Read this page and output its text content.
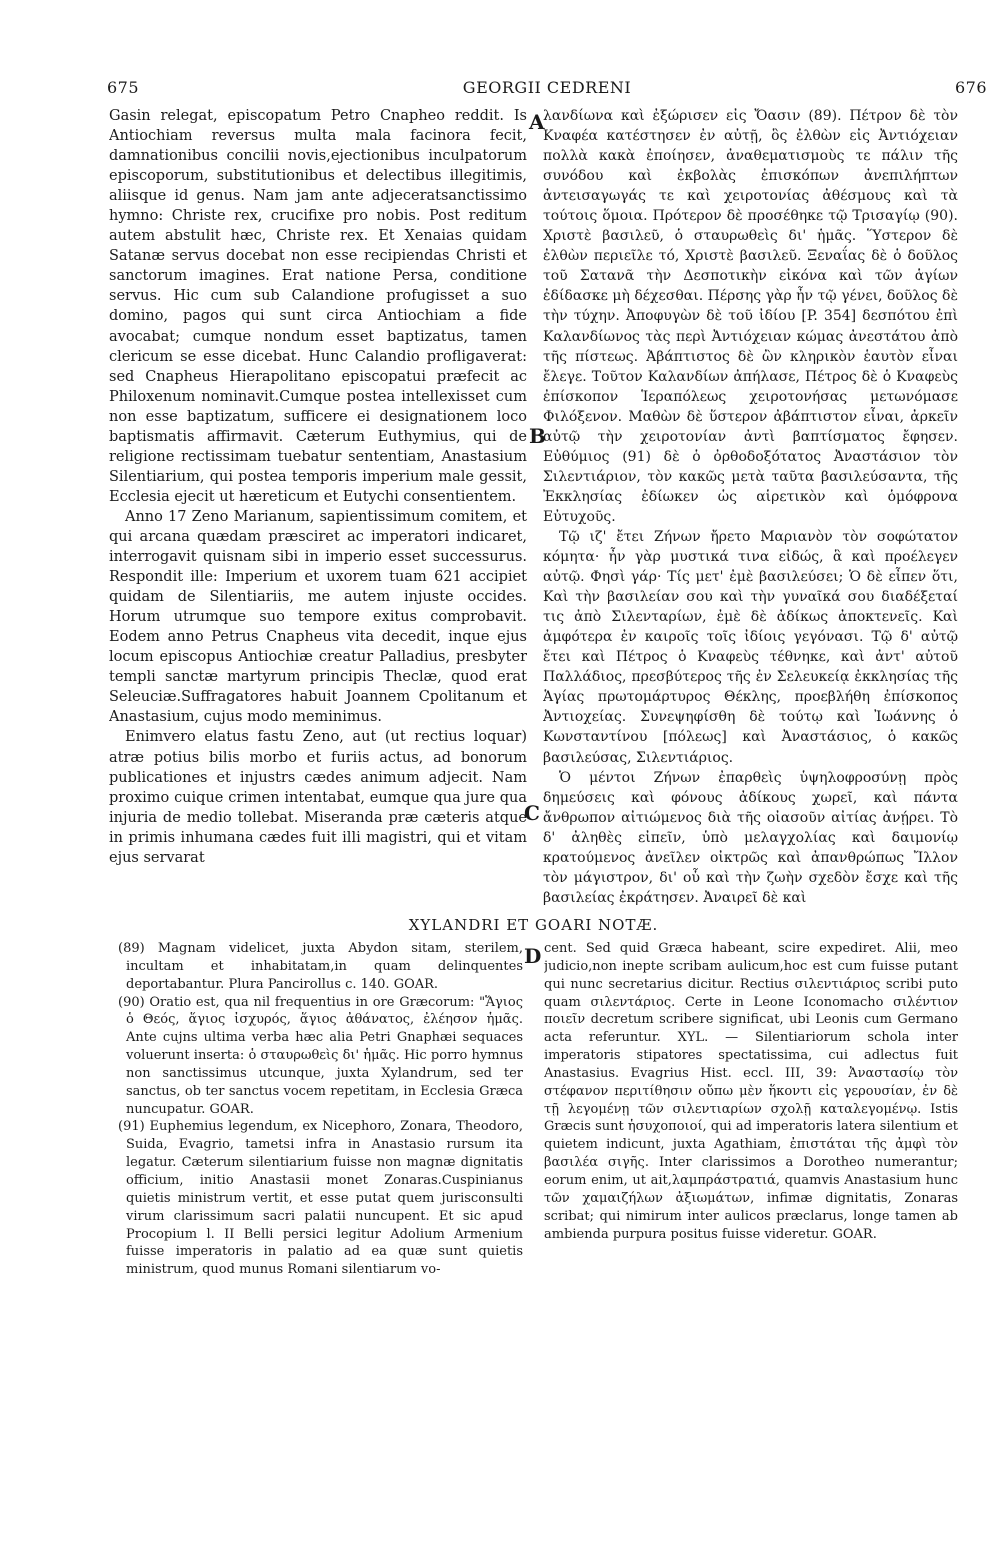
675	GEORGII CEDRENI	676

Gasin relegat, episcopatum Petro Cnapheo reddit. Is Antiochiam reversus multa mala facinora fecit, damnationibus concilii novis,ejectionibus inculpatorum episcoporum, substitutionibus et delectibus illegitimis, aliisque id genus. Nam jam ante adjeceratsanctissimo hymno: Christe rex, crucifixe pro nobis. Post reditum autem abstulit hæc, Christe rex. Et Xenaias quidam Satanæ servus docebat non esse recipiendas Christi et sanctorum imagines. Erat natione Persa, conditione servus. Hic cum sub Calandione profugisset a suo domino, pagos qui sunt circa Antiochiam a fide avocabat; cumque nondum esset baptizatus, tamen clericum se esse dicebat. Hunc Calandio profligaverat: sed Cnapheus Hierapolitano episcopatui præfecit ac Philoxenum nominavit.Cumque postea intellexisset cum non esse baptizatum, sufficere ei designationem loco baptismatis affirmavit. Cæterum Euthymius, qui de religione rectissimam tuebatur sententiam, Anastasium Silentiarium, qui postea temporis imperium male gessit, Ecclesia ejecit ut hæreticum et Eutychi consentientem.

Anno 17 Zeno Marianum, sapientissimum comitem, et qui arcana quædam præsciret ac imperatori indicaret, interrogavit quisnam sibi in imperio esset successurus. Respondit ille: Imperium et uxorem tuam 621 accipiet quidam de Silentiariis, me autem injuste occides. Horum utrumque suo tempore exitus comprobavit. Eodem anno Petrus Cnapheus vita decedit, inque ejus locum episcopus Antiochiæ creatur Palladius, presbyter templi sanctæ martyrum principis Theclæ, quod erat Seleuciæ.Suffragatores habuit Joannem Cpolitanum et Anastasium, cujus modo meminimus.

Enimvero elatus fastu Zeno, aut (ut rectius loquar) atræ potius bilis morbo et furiis actus, ad bonorum publicationes et injustrs cædes animum adjecit. Nam proximo cuique crimen intentabat, eumque qua jure qua injuria de medio tollebat. Miseranda præ cæteris atque in primis inhumana cædes fuit illi magistri, qui et vitam ejus servarat

A
B
C
D

λανδίωνα καὶ ἐξώρισεν εἰς Ὄασιν (89). Πέτρον δὲ τὸν Κναφέα κατέστησεν ἐν αὐτῇ, ὃς ἐλθὼν εἰς Ἀντιόχειαν πολλὰ κακὰ ἐποίησεν, ἀναθεματισμοὺς τε πάλιν τῆς συνόδου καὶ ἐκβολὰς ἐπισκόπων ἀνεπιλήπτων ἀντεισαγωγάς τε καὶ χειροτονίας ἀθέσμους καὶ τὰ τούτοις ὅμοια. Πρότερον δὲ προσέθηκε τῷ Τρισαγίῳ (90). Χριστὲ βασιλεῦ, ὁ σταυρωθεὶς δι' ἡμᾶς. Ὕστερον δὲ ἐλθὼν περιεῖλε τό, Χριστὲ βασιλεῦ. Ξεναΐας δὲ ὁ δοῦλος τοῦ Σατανᾶ τὴν Δεσποτικὴν εἰκόνα καὶ τῶν ἁγίων ἐδίδασκε μὴ δέχεσθαι. Πέρσης γὰρ ἦν τῷ γένει, δοῦλος δὲ τὴν τύχην. Ἀποφυγὼν δὲ τοῦ ἰδίου [P. 354] δεσπότου ἐπὶ Καλανδίωνος τὰς περὶ Ἀντιόχειαν κώμας ἀνεστάτου ἀπὸ τῆς πίστεως. Ἀβάπτιστος δὲ ὢν κληρικὸν ἑαυτὸν εἶναι ἔλεγε. Τοῦτον Καλανδίων ἀπήλασε, Πέτρος δὲ ὁ Κναφεὺς ἐπίσκοπον Ἱεραπόλεως χειροτονήσας μετωνόμασε Φιλόξενον. Μαθὼν δὲ ὕστερον ἀβάπτιστον εἶναι, ἀρκεῖν αὐτῷ τὴν χειροτονίαν ἀντὶ βαπτίσματος ἔφησεν. Εὐθύμιος (91) δὲ ὁ ὀρθοδοξότατος Ἀναστάσιον τὸν Σιλεντιάριον, τὸν κακῶς μετὰ ταῦτα βασιλεύσαντα, τῆς Ἐκκλησίας ἐδίωκεν ὡς αἱρετικὸν καὶ ὁμόφρονα Εὐτυχοῦς.

Τῷ ιζ' ἔτει Ζήνων ἤρετο Μαριανὸν τὸν σοφώτατον κόμητα· ἦν γὰρ μυστικά τινα εἰδώς, ἃ καὶ προέλεγεν αὐτῷ. Φησὶ γάρ· Τίς μετ' ἐμὲ βασιλεύσει; Ὁ δὲ εἶπεν ὅτι, Καὶ τὴν βασιλείαν σου καὶ τὴν γυναῖκά σου διαδέξεταί τις ἀπὸ Σιλενταρίων, ἐμὲ δὲ ἀδίκως ἀποκτενεῖς. Καὶ ἀμφότερα ἐν καιροῖς τοῖς ἰδίοις γεγόνασι. Τῷ δ' αὐτῷ ἔτει καὶ Πέτρος ὁ Κναφεὺς τέθνηκε, καὶ ἀντ' αὐτοῦ Παλλάδιος, πρεσβύτερος τῆς ἐν Σελευκείᾳ ἐκκλησίας τῆς Ἁγίας πρωτομάρτυρος Θέκλης, προεβλήθη ἐπίσκοπος Ἀντιοχείας. Συνεψηφίσθη δὲ τούτῳ καὶ Ἰωάννης ὁ Κωνσταντίνου [πόλεως] καὶ Ἀναστάσιος, ὁ κακῶς βασιλεύσας, Σιλεντιάριος.

Ὁ μέντοι Ζήνων ἐπαρθεὶς ὑψηλοφροσύνῃ πρὸς δημεύσεις καὶ φόνους ἀδίκους χωρεῖ, καὶ πάντα ἄνθρωπον αἰτιώμενος διὰ τῆς οἰασοῦν αἰτίας ἀνῄρει. Τὸ δ' ἀληθὲς εἰπεῖν, ὑπὸ μελαγχολίας καὶ δαιμονίῳ κρατούμενος ἀνεῖλεν οἰκτρῶς καὶ ἀπανθρώπως Ἴλλον τὸν μάγιστρον, δι' οὗ καὶ τὴν ζωὴν σχεδὸν ἔσχε καὶ τῆς βασιλείας ἐκράτησεν. Ἀναιρεῖ δὲ καὶ

XYLANDRI ET GOARI NOTÆ.

(89) Magnam videlicet, juxta Abydon sitam, sterilem, incultam et inhabitatam,in quam delinquentes deportabantur. Plura Pancirollus c. 140. GOAR.

(90) Oratio est, qua nil frequentius in ore Græcorum: "Ἅγιος ὁ Θεός, ἅγιος ἰσχυρός, ἅγιος ἀθάνατος, ἐλέησον ἡμᾶς. Ante cujns ultima verba hæc alia Petri Gnaphæi sequaces voluerunt inserta: ὁ σταυρωθεὶς δι' ἡμᾶς. Hic porro hymnus non sanctissimus utcunque, juxta Xylandrum, sed ter sanctus, ob ter sanctus vocem repetitam, in Ecclesia Græca nuncupatur. GOAR.

(91) Euphemius legendum, ex Nicephoro, Zonara, Theodoro, Suida, Evagrio, tametsi infra in Anastasio rursum ita legatur. Cæterum silentiarium fuisse non magnæ dignitatis officium, initio Anastasii monet Zonaras.Cuspinianus quietis ministrum vertit, et esse putat quem jurisconsulti virum clarissimum sacri palatii nuncupent. Et sic apud Procopium l. II Belli persici legitur Adolium Armenium fuisse imperatoris in palatio ad ea quæ sunt quietis ministrum, quod munus Romani silentiarum vo-

cent. Sed quid Græca habeant, scire expediret. Alii, meo judicio,non inepte scribam aulicum,hoc est cum fuisse putant qui nunc secretarius dicitur. Rectius σιλεντιάριος scribi puto quam σιλεντάριος. Certe in Leone Iconomacho σιλέντιον ποιεῖν decretum scribere significat, ubi Leonis cum Germano acta referuntur. XYL. — Silentiariorum schola inter imperatoris stipatores spectatissima, cui adlectus fuit Anastasius. Evagrius Hist. eccl. III, 39: Ἀναστασίῳ τὸν στέφανον περιτίθησιν οὔπω μὲν ἥκοντι εἰς γερουσίαν, ἐν δὲ τῇ λεγομένῃ τῶν σιλεντιαρίων σχολῇ καταλεγομένῳ. Istis Græcis sunt ἡσυχοποιοί, qui ad imperatoris latera silentium et quietem indicunt, juxta Agathiam, ἐπιστάται τῆς ἀμφὶ τὸν βασιλέα σιγῆς. Inter clarissimos a Dorotheo numerantur; eorum enim, ut ait,λαμπράστρατιά, quamvis Anastasium hunc τῶν χαμαιζήλων ἀξιωμάτων, infimæ dignitatis, Zonaras scribat; qui nimirum inter aulicos præclarus, longe tamen ab ambienda purpura positus fuisse videretur. GOAR.
